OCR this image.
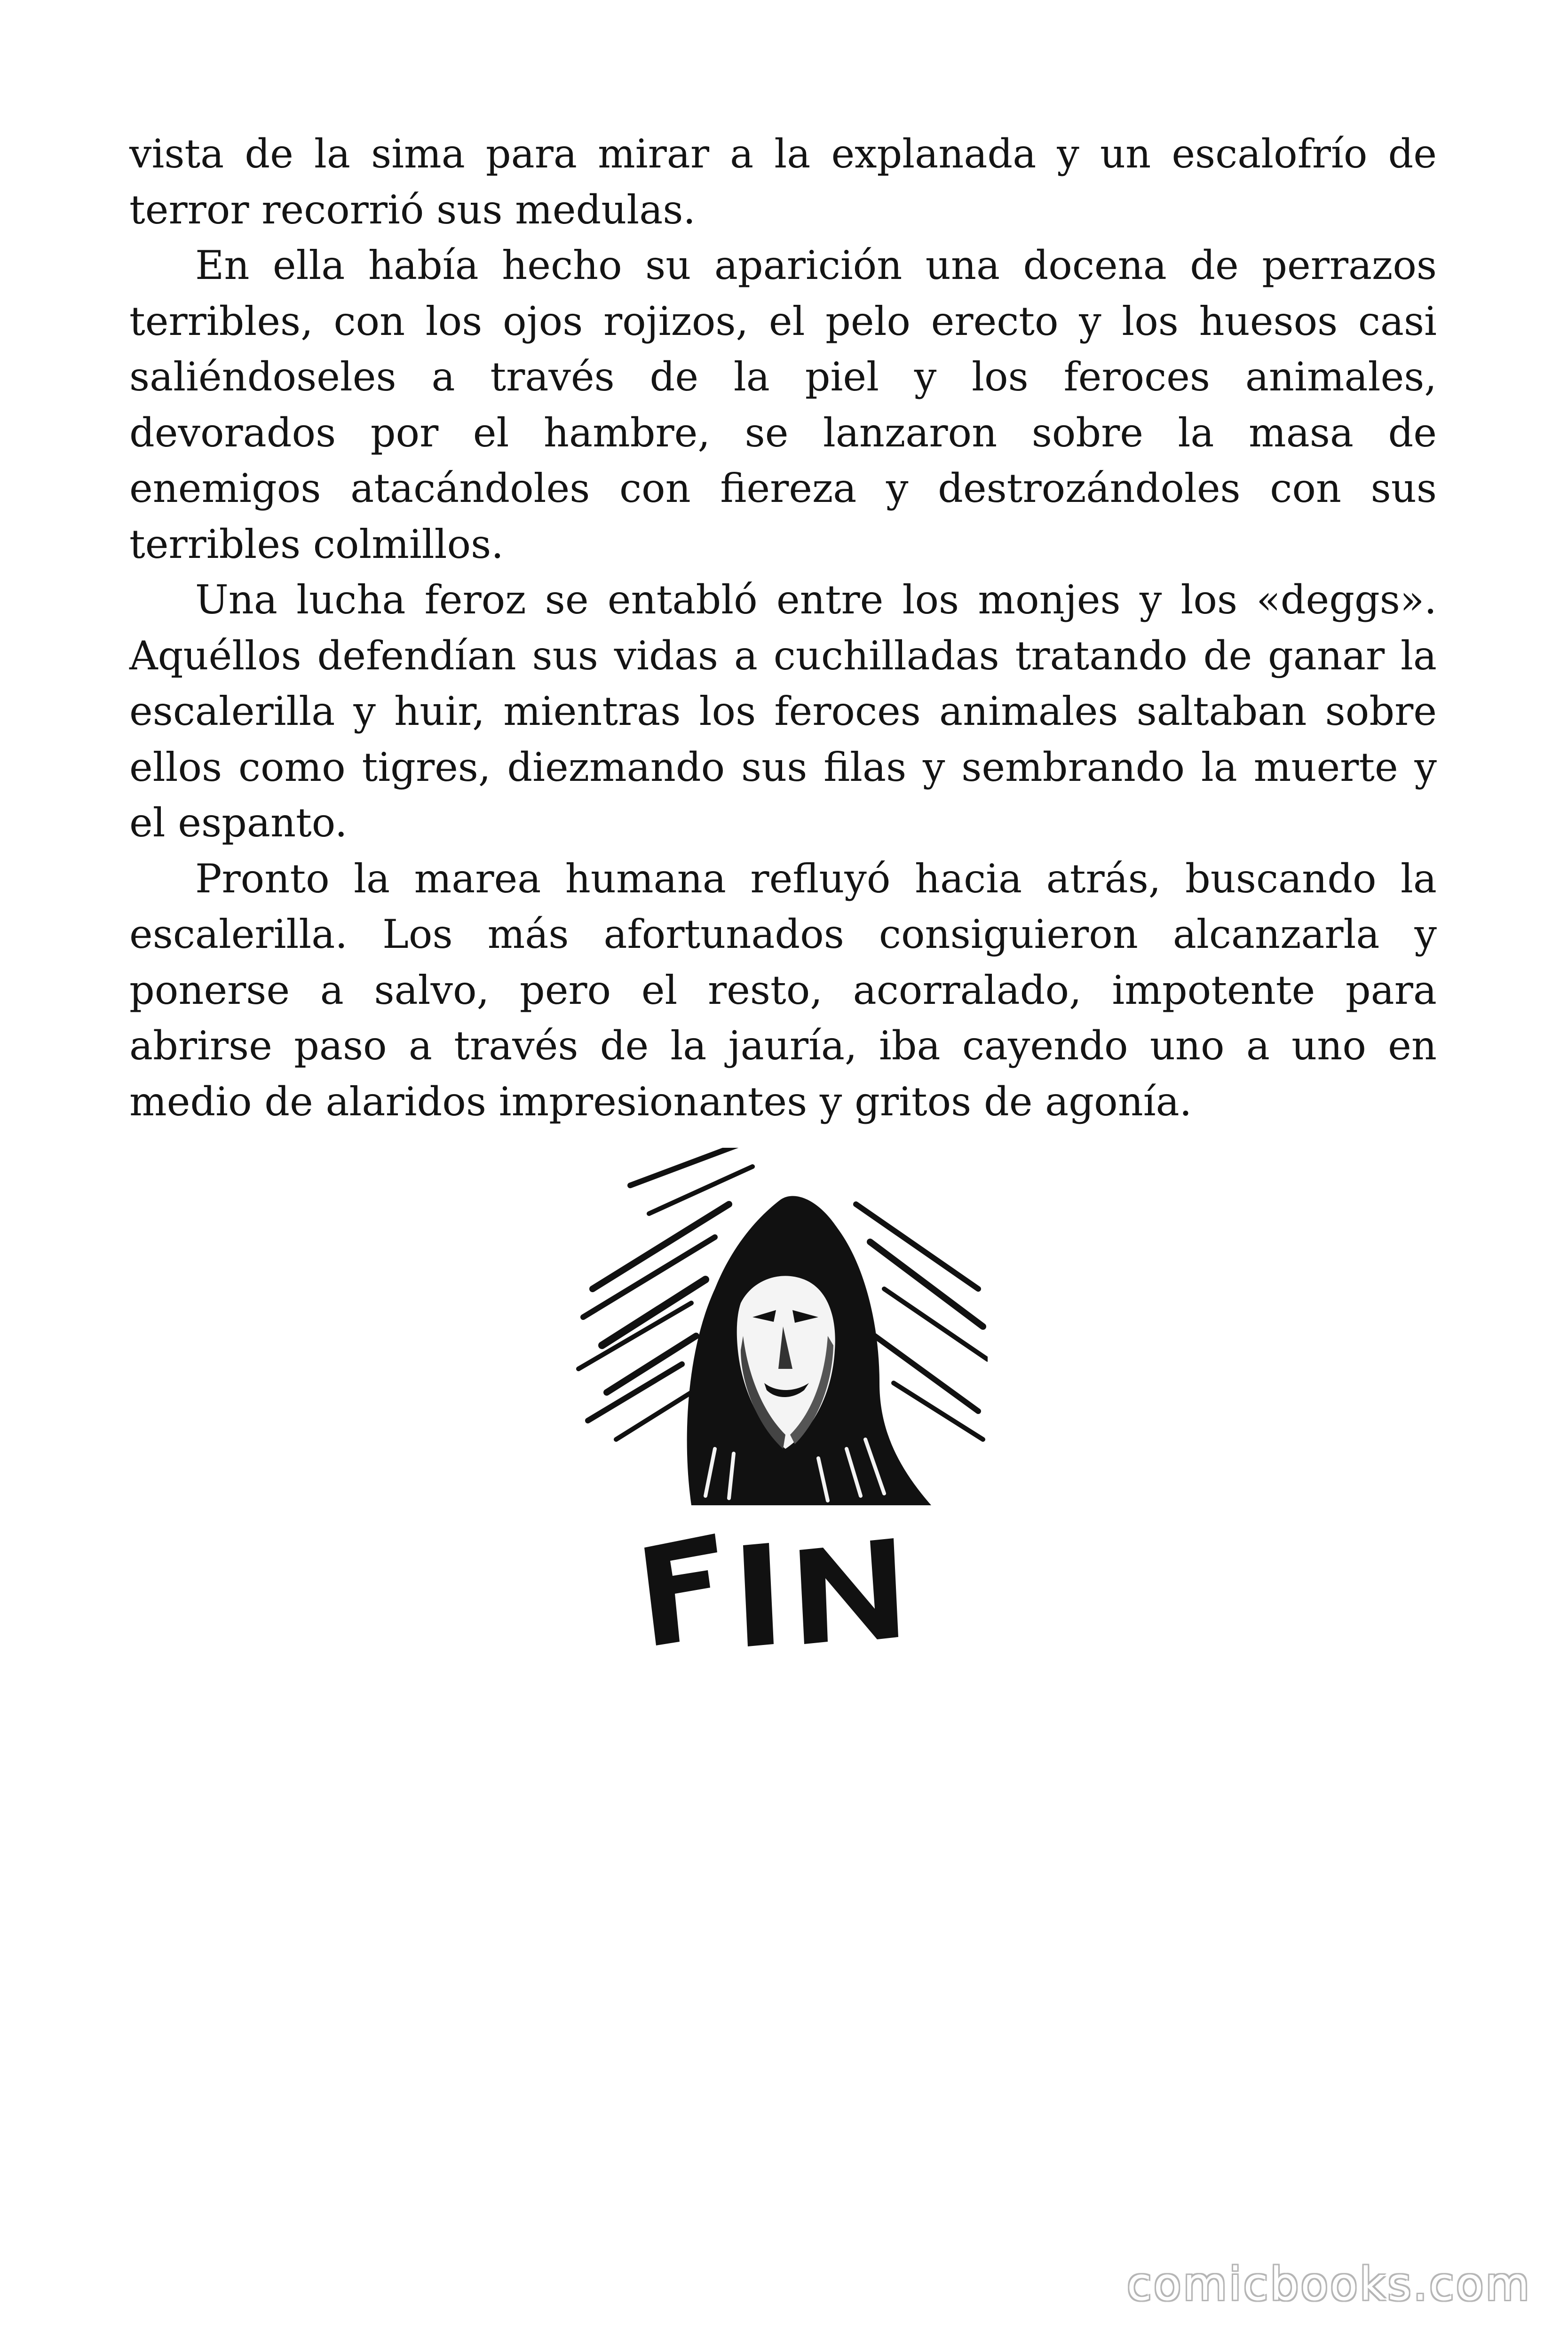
vista de la sima para mirar a la explanada y un escalofrío de terror recorrió sus medulas.

En ella había hecho su aparición una docena de perrazos terribles, con los ojos rojizos, el pelo erecto y los huesos casi saliéndoseles a través de la piel y los feroces animales, devorados por el hambre, se lanzaron sobre la masa de enemigos atacándoles con fiereza y destrozándoles con sus terribles colmillos.

Una lucha feroz se entabló entre los monjes y los «deggs». Aquéllos defendían sus vidas a cuchilladas tratando de ganar la escalerilla y huir, mientras los feroces animales saltaban sobre ellos como tigres, diezmando sus filas y sembrando la muerte y el espanto.

Pronto la marea humana refluyó hacia atrás, buscando la escalerilla. Los más afortunados consiguieron alcanzarla y ponerse a salvo, pero el resto, acorralado, impotente para abrirse paso a través de la jauría, iba cayendo uno a uno en medio de alaridos impresionantes y gritos de agonía.

comicbooks.com
